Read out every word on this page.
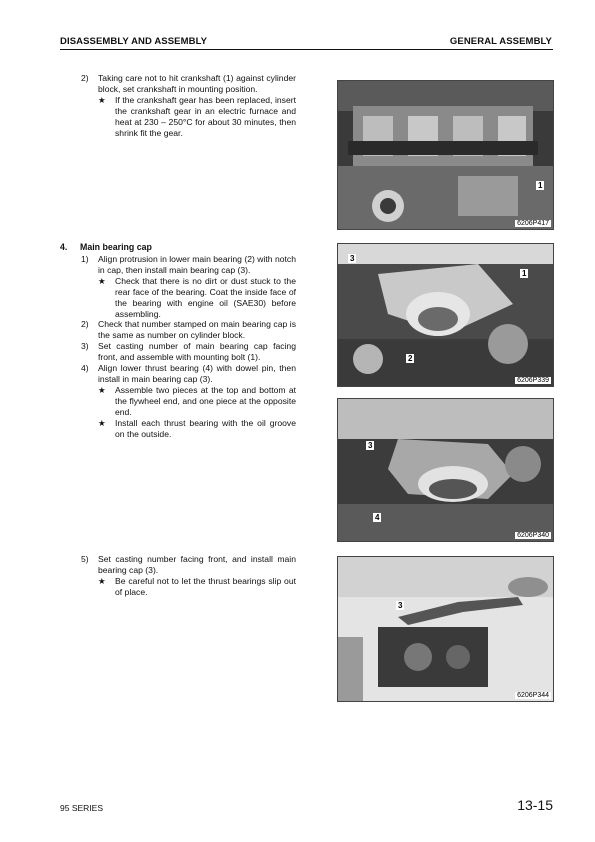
DISASSEMBLY AND ASSEMBLY	GENERAL ASSEMBLY
2) Taking care not to hit crankshaft (1) against cylinder block, set crankshaft in mounting position.
★ If the crankshaft gear has been replaced, insert the crankshaft gear in an electric furnace and heat at 230 – 250°C for about 30 minutes, then shrink fit the gear.
4. Main bearing cap
1) Align protrusion in lower main bearing (2) with notch in cap, then install main bearing cap (3).
★ Check that there is no dirt or dust stuck to the rear face of the bearing. Coat the inside face of the bearing with engine oil (SAE30) before assembling.
2) Check that number stamped on main bearing cap is the same as number on cylinder block.
3) Set casting number of main bearing cap facing front, and assemble with mounting bolt (1).
4) Align lower thrust bearing (4) with dowel pin, then install in main bearing cap (3).
★ Assemble two pieces at the top and bottom at the flywheel end, and one piece at the opposite end.
★ Install each thrust bearing with the oil groove on the outside.
5) Set casting number facing front, and install main bearing cap (3).
★ Be careful not to let the thrust bearings slip out of place.
1
6206P417
3
1
2
6206P339
3
4
6206P340
3
6206P344
95 SERIES	13-15
